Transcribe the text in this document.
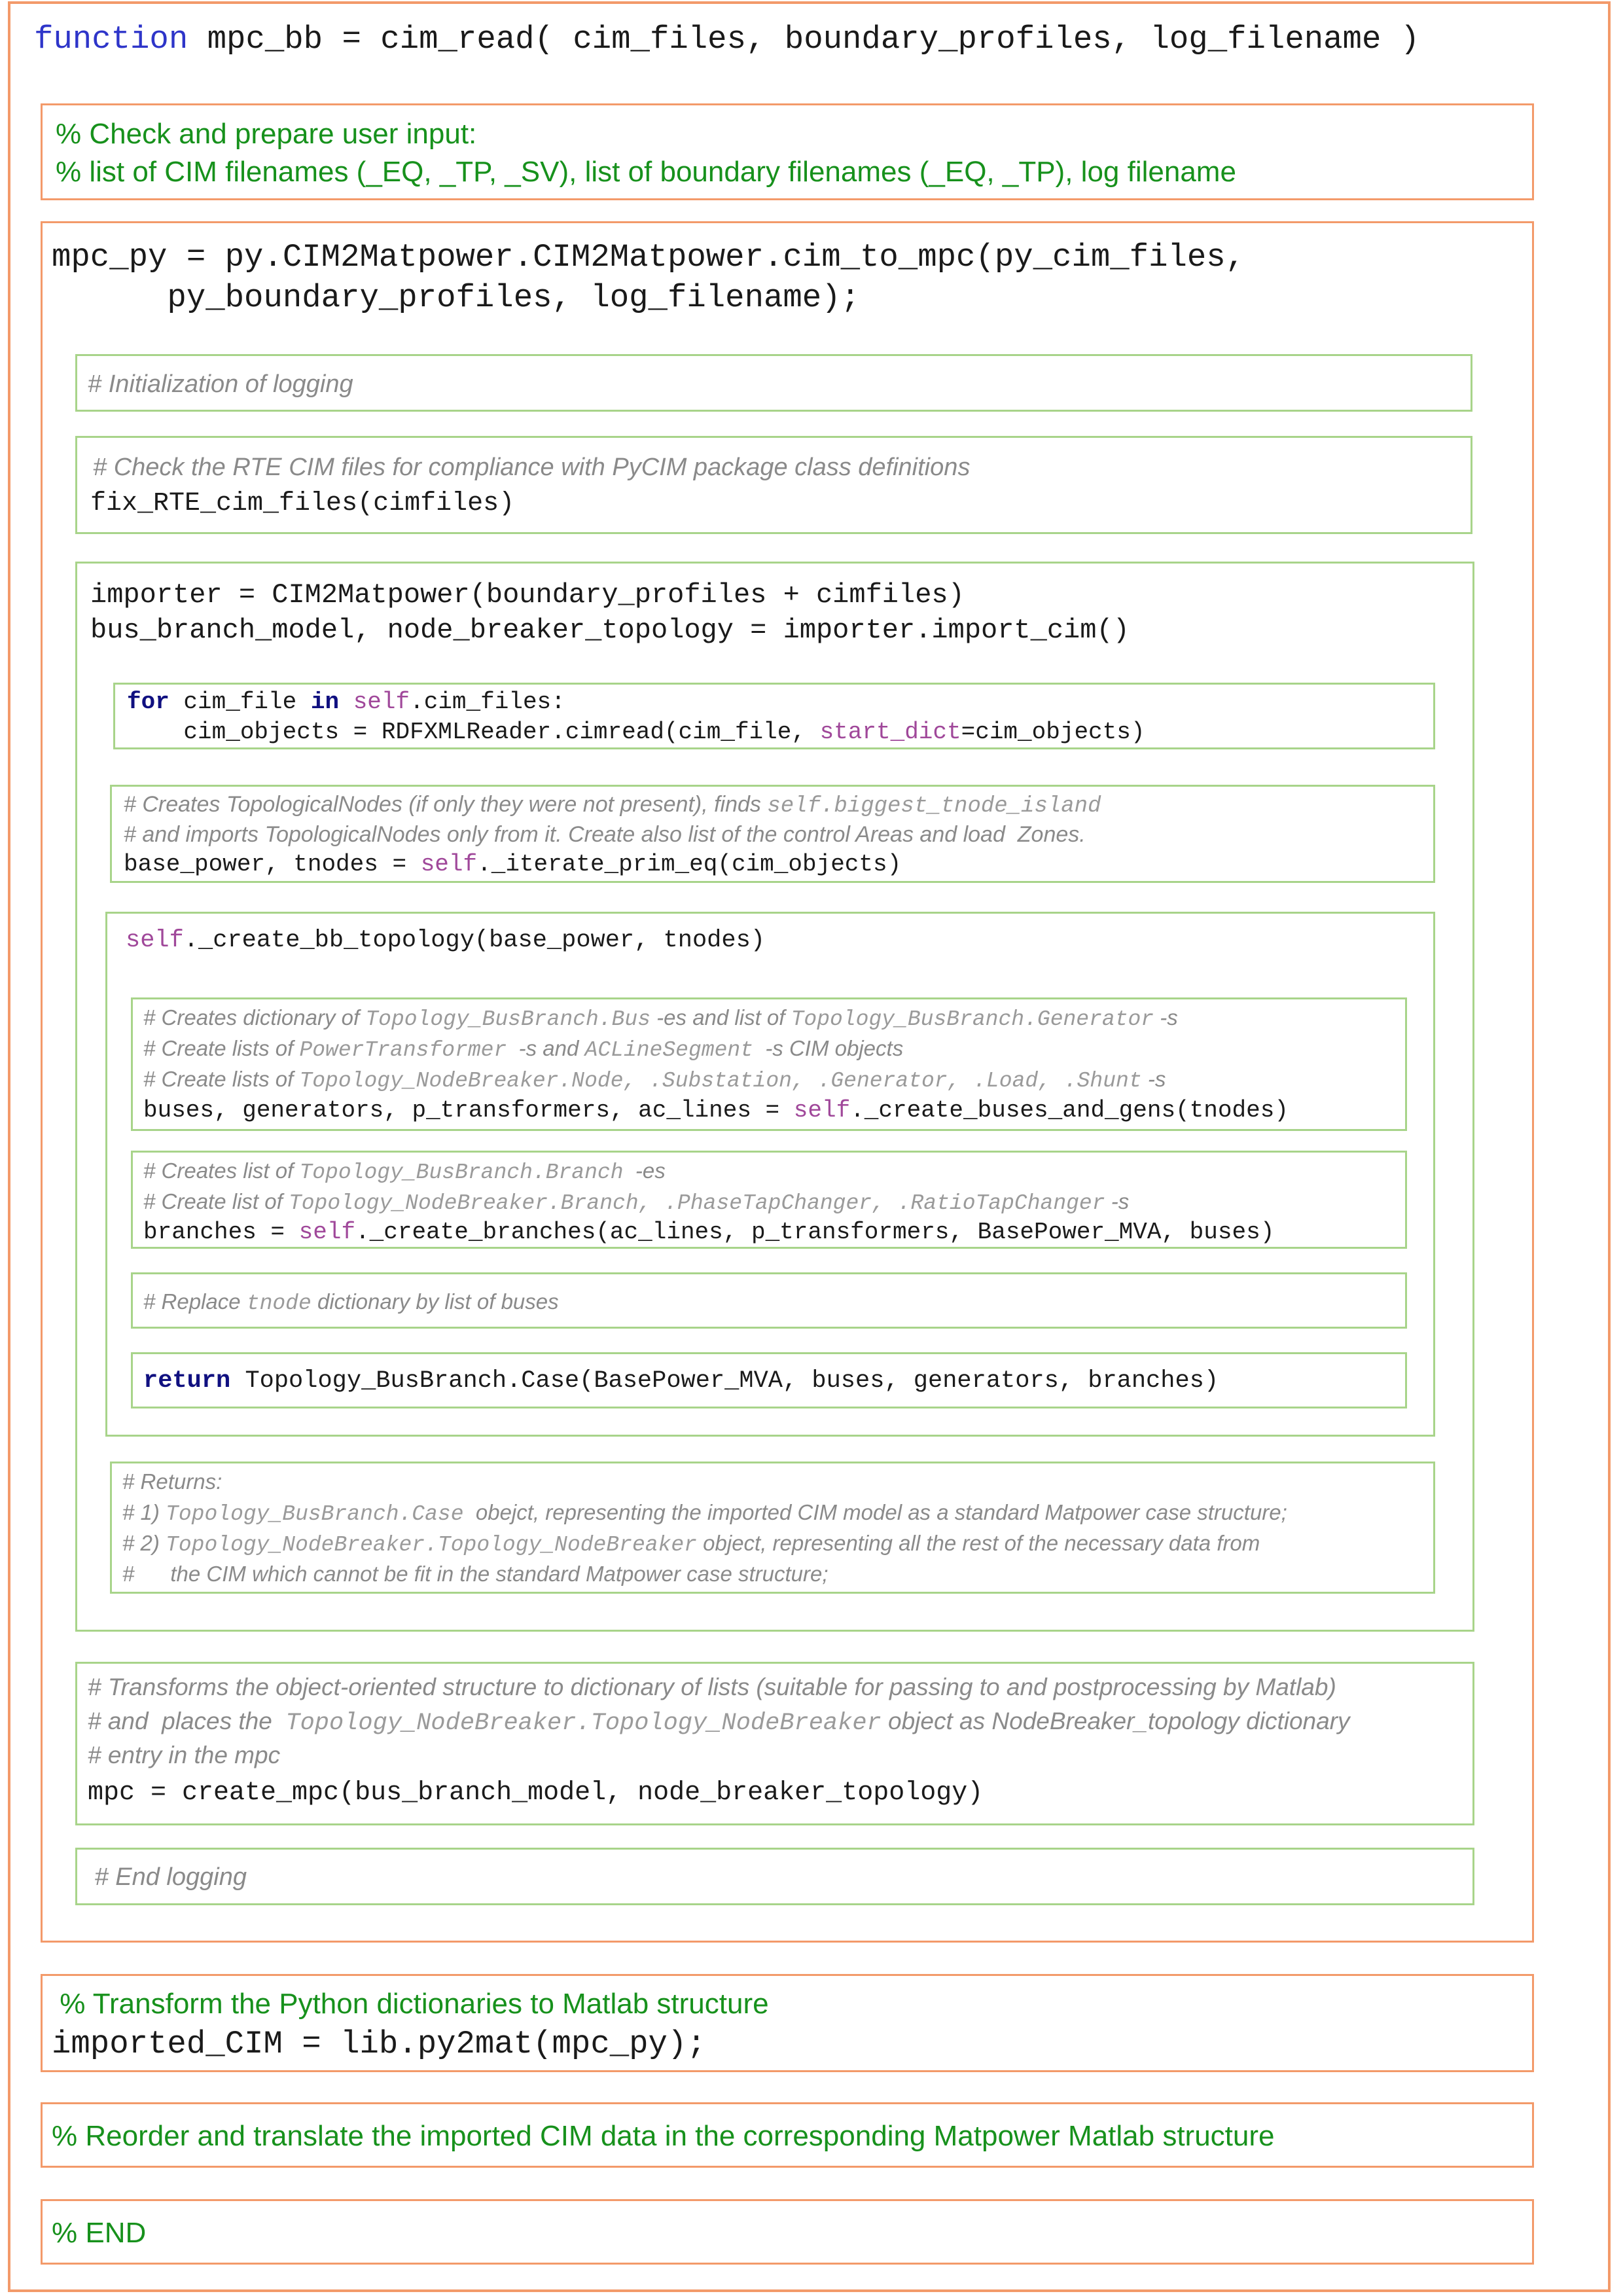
function mpc_bb = cim_read( cim_files, boundary_profiles, log_filename )
% Check and prepare user input:
% list of CIM filenames (_EQ, _TP, _SV), list of boundary filenames (_EQ, _TP), log filename
mpc_py = py.CIM2Matpower.CIM2Matpower.cim_to_mpc(py_cim_files,
py_boundary_profiles, log_filename);
# Initialization of logging
# Check the RTE CIM files for compliance with PyCIM package class definitions
fix_RTE_cim_files(cimfiles)
importer = CIM2Matpower(boundary_profiles + cimfiles)
bus_branch_model, node_breaker_topology = importer.import_cim()
for cim_file in self.cim_files:
cim_objects = RDFXMLReader.cimread(cim_file, start_dict=cim_objects)
# Creates TopologicalNodes (if only they were not present), finds self.biggest_tnode_island
# and imports TopologicalNodes only from it. Create also list of the control Areas and load  Zones.
base_power, tnodes = self._iterate_prim_eq(cim_objects)
self._create_bb_topology(base_power, tnodes)
# Creates dictionary of Topology_BusBranch.Bus -es and list of Topology_BusBranch.Generator -s
# Create lists of PowerTransformer  -s and ACLineSegment  -s CIM objects
# Create lists of Topology_NodeBreaker.Node, .Substation, .Generator, .Load, .Shunt -s
buses, generators, p_transformers, ac_lines = self._create_buses_and_gens(tnodes)
# Creates list of Topology_BusBranch.Branch  -es
# Create list of Topology_NodeBreaker.Branch, .PhaseTapChanger, .RatioTapChanger -s
branches = self._create_branches(ac_lines, p_transformers, BasePower_MVA, buses)
# Replace tnode dictionary by list of buses
return Topology_BusBranch.Case(BasePower_MVA, buses, generators, branches)
# Returns:
# 1) Topology_BusBranch.Case  obejct, representing the imported CIM model as a standard Matpower case structure;
# 2) Topology_NodeBreaker.Topology_NodeBreaker object, representing all the rest of the necessary data from
#      the CIM which cannot be fit in the standard Matpower case structure;
# Transforms the object-oriented structure to dictionary of lists (suitable for passing to and postprocessing by Matlab)
# and  places the  Topology_NodeBreaker.Topology_NodeBreaker object as NodeBreaker_topology dictionary
# entry in the mpc
mpc = create_mpc(bus_branch_model, node_breaker_topology)
# End logging
% Transform the Python dictionaries to Matlab structure
imported_CIM = lib.py2mat(mpc_py);
% Reorder and translate the imported CIM data in the corresponding Matpower Matlab structure
% END
